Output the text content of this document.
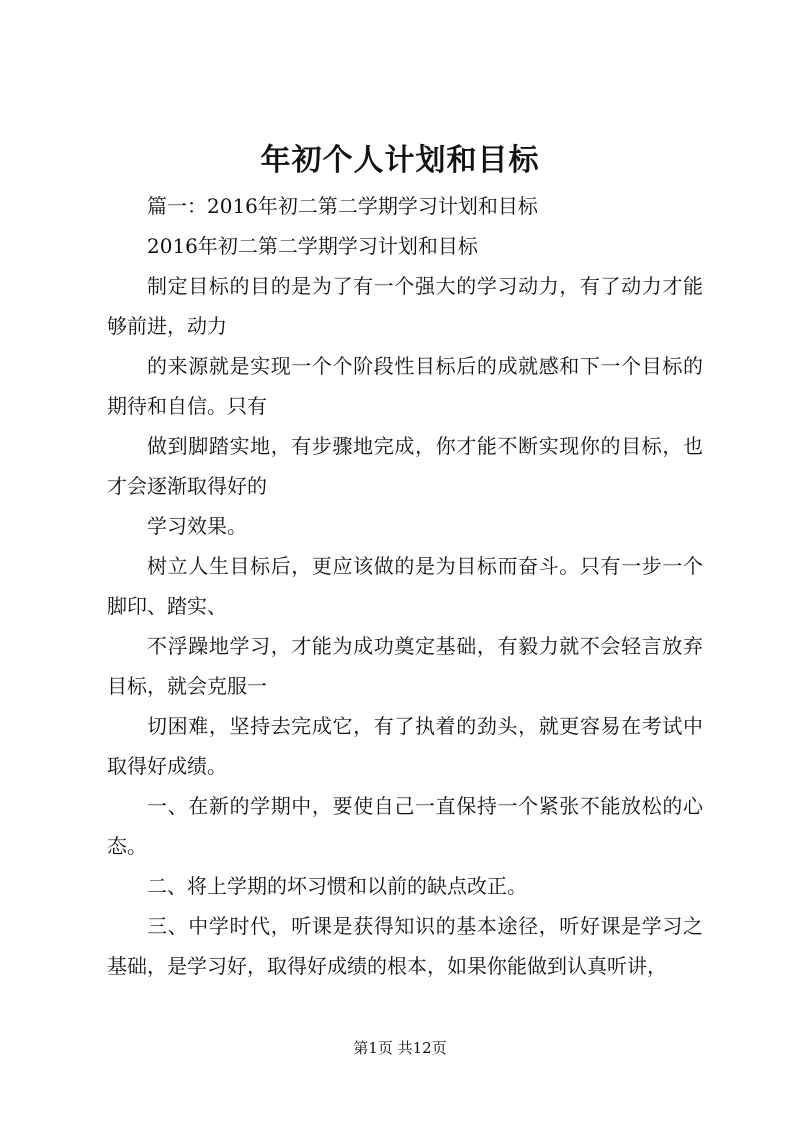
年初个人计划和目标

篇一：2016年初二第二学期学习计划和目标

2016年初二第二学期学习计划和目标

制定目标的目的是为了有一个强大的学习动力，有了动力才能够前进，动力

的来源就是实现一个个阶段性目标后的成就感和下一个目标的期待和自信。只有

做到脚踏实地，有步骤地完成，你才能不断实现你的目标，也才会逐渐取得好的

学习效果。

树立人生目标后，更应该做的是为目标而奋斗。只有一步一个脚印、踏实、

不浮躁地学习，才能为成功奠定基础，有毅力就不会轻言放弃目标，就会克服一

切困难，坚持去完成它，有了执着的劲头，就更容易在考试中取得好成绩。

一、在新的学期中，要使自己一直保持一个紧张不能放松的心态。

二、将上学期的坏习惯和以前的缺点改正。

三、中学时代，听课是获得知识的基本途径，听好课是学习之基础，是学习好，取得好成绩的根本，如果你能做到认真听讲，

第1页 共12页
